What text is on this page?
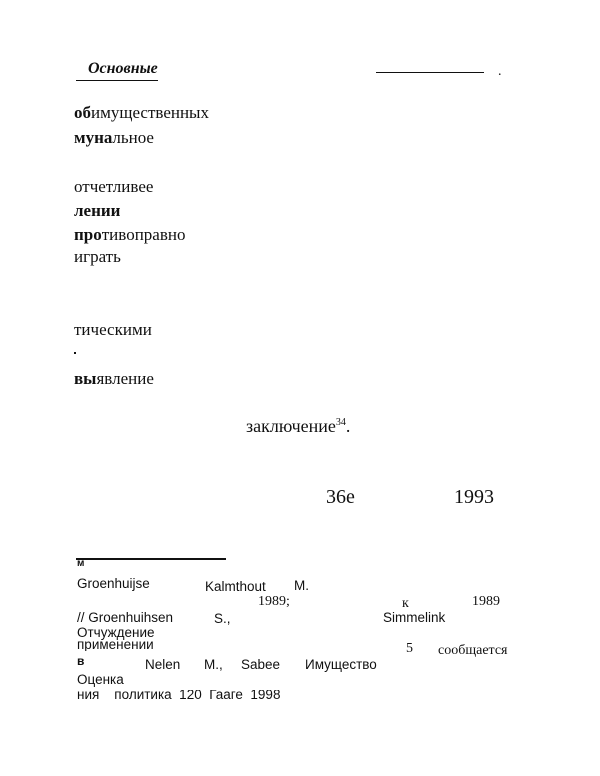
Основные	.
обимущественных
мунальное
отчетливее
лении
противоправно
играть
тическими
выявление
заключение$^{34}$.
36e	1993
м
Groenhuijse	Kalmthout M.
1989;	к	1989
// Groenhuihsen	S.,	Simmelink
Отчуждение
$^{применении}$	5 сообщается
в	Nelen M., Sabee Имущество
Оценка
$^{ния политика 120 Гааге 1998}$
